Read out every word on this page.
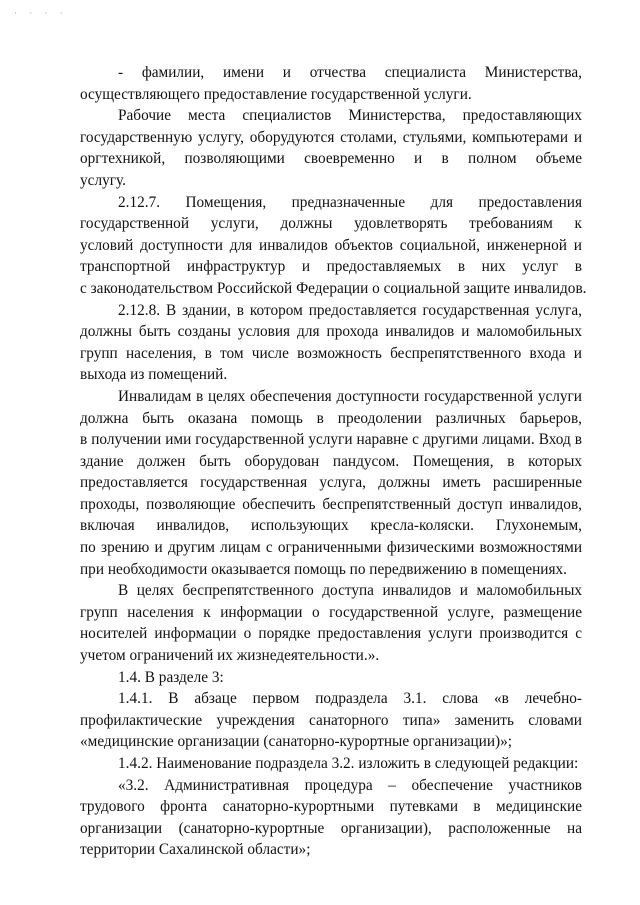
· · · ·
- фамилии, имени и отчества специалиста Министерства,
осуществляющего предоставление государственной услуги.
Рабочие места специалистов Министерства, предоставляющих
государственную услугу, оборудуются столами, стульями, компьютерами и
оргтехникой, позволяющими своевременно и в полном объеме
услугу.
2.12.7. Помещения, предназначенные для предоставления
государственной услуги, должны удовлетворять требованиям к
условий доступности для инвалидов объектов социальной, инженерной и
транспортной инфраструктур и предоставляемых в них услуг в
с законодательством Российской Федерации о социальной защите инвалидов.
2.12.8. В здании, в котором предоставляется государственная услуга,
должны быть созданы условия для прохода инвалидов и маломобильных
групп населения, в том числе возможность беспрепятственного входа и
выхода из помещений.
Инвалидам в целях обеспечения доступности государственной услуги
должна быть оказана помощь в преодолении различных барьеров,
в получении ими государственной услуги наравне с другими лицами. Вход в
здание должен быть оборудован пандусом. Помещения, в которых
предоставляется государственная услуга, должны иметь расширенные
проходы, позволяющие обеспечить беспрепятственный доступ инвалидов,
включая инвалидов, использующих кресла-коляски. Глухонемым,
по зрению и другим лицам с ограниченными физическими возможностями
при необходимости оказывается помощь по передвижению в помещениях.
В целях беспрепятственного доступа инвалидов и маломобильных
групп населения к информации о государственной услуге, размещение
носителей информации о порядке предоставления услуги производится с
учетом ограничений их жизнедеятельности.».
1.4. В разделе 3:
1.4.1. В абзаце первом подраздела 3.1. слова «в лечебно-
профилактические учреждения санаторного типа» заменить словами
«медицинские организации (санаторно-курортные организации)»;
1.4.2. Наименование подраздела 3.2. изложить в следующей редакции:
«3.2. Административная процедура – обеспечение участников
трудового фронта санаторно-курортными путевками в медицинские
организации (санаторно-курортные организации), расположенные на
территории Сахалинской области»;
